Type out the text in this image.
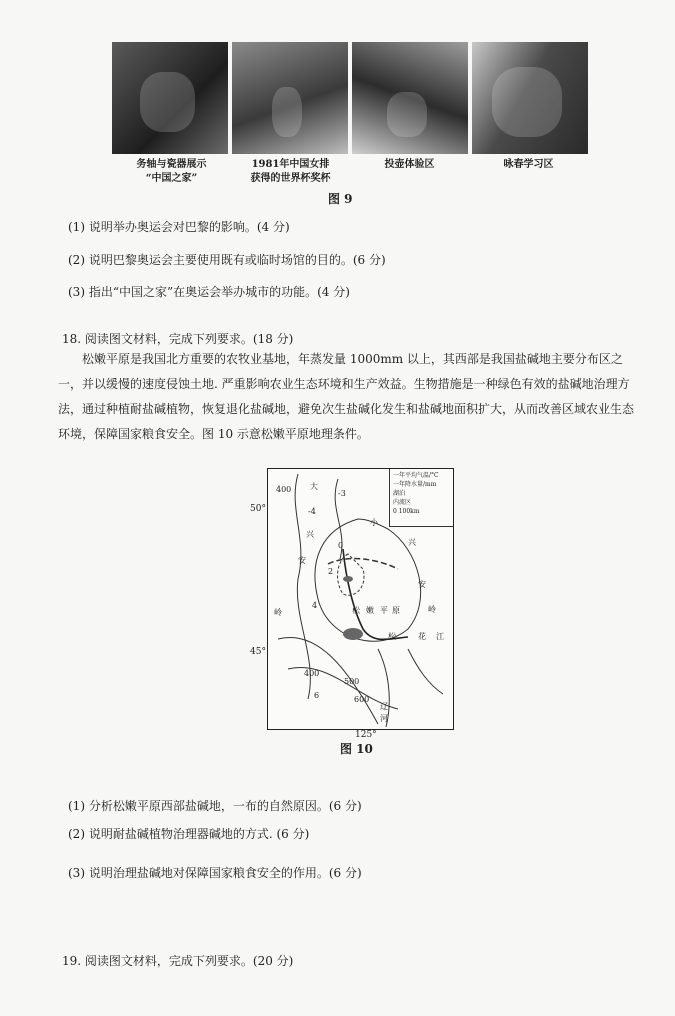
务轴与瓷器展示
“中国之家”
1981年中国女排
获得的世界杯奖杯
投壶体验区	咏春学习区
图 9
(1) 说明举办奥运会对巴黎的影响。(4 分)
(2) 说明巴黎奥运会主要使用既有或临时场馆的目的。(6 分)
(3) 指出“中国之家”在奥运会举办城市的功能。(4 分)
18. 阅读图文材料，完成下列要求。(18 分)
松嫩平原是我国北方重要的农牧业基地，年蒸发量 1000mm 以上，其西部是我国盐碱地主要分布区之一，并以缓慢的速度侵蚀土地. 严重影响农业生态环境和生产效益。生物措施是一种绿色有效的盐碱地治理方法，通过种植耐盐碱植物，恢复退化盐碱地，避免次生盐碱化发生和盐碱地面积扩大，从而改善区域农业生态环境，保障国家粮食安全。图 10 示意松嫩平原地理条件。
50°
45°
一年平均气温/°C
一年降水量/mm
湖泊
内流区
0 100km
大
兴
安
岭
小
兴
安
岭
松 嫩 平 原
松	花 江
辽
河
400	-3
-4
0
2
4
6
400
500
600
125°
图 10
(1) 分析松嫩平原西部盐碱地，一布的自然原因。(6 分)
(2) 说明耐盐碱植物治理器碱地的方式. (6 分)
(3) 说明治理盐碱地对保障国家粮食安全的作用。(6 分)
19. 阅读图文材料，完成下列要求。(20 分)
